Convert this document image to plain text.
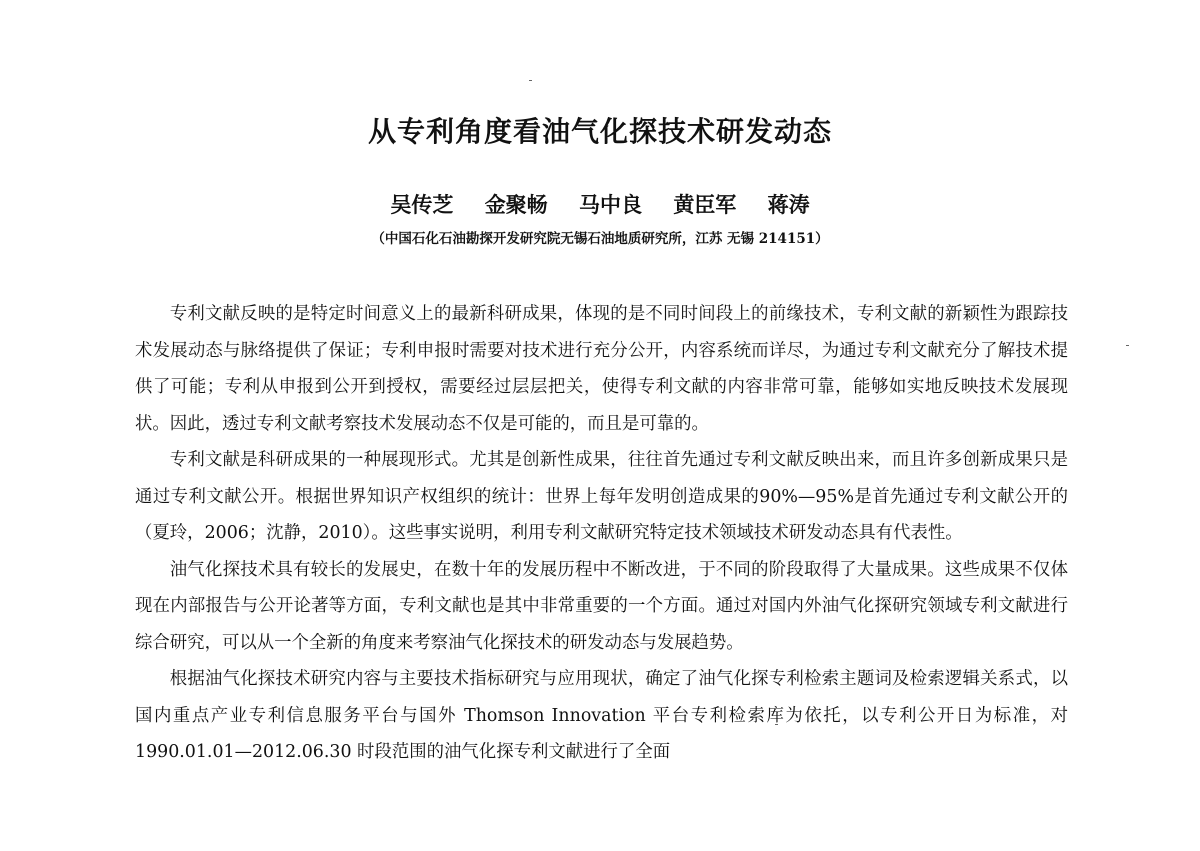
从专利角度看油气化探技术研发动态
吴传芝 金聚畅 马中良 黄臣军 蒋涛
（中国石化石油勘探开发研究院无锡石油地质研究所，江苏 无锡 214151）

专利文献反映的是特定时间意义上的最新科研成果，体现的是不同时间段上的前缘技术，专利文献的新颖性为跟踪技术发展动态与脉络提供了保证；专利申报时需要对技术进行充分公开，内容系统而详尽，为通过专利文献充分了解技术提供了可能；专利从申报到公开到授权，需要经过层层把关，使得专利文献的内容非常可靠，能够如实地反映技术发展现状。因此，透过专利文献考察技术发展动态不仅是可能的，而且是可靠的。

专利文献是科研成果的一种展现形式。尤其是创新性成果，往往首先通过专利文献反映出来，而且许多创新成果只是通过专利文献公开。根据世界知识产权组织的统计：世界上每年发明创造成果的90%—95%是首先通过专利文献公开的（夏玲，2006；沈静，2010）。这些事实说明，利用专利文献研究特定技术领域技术研发动态具有代表性。

油气化探技术具有较长的发展史，在数十年的发展历程中不断改进，于不同的阶段取得了大量成果。这些成果不仅体现在内部报告与公开论著等方面，专利文献也是其中非常重要的一个方面。通过对国内外油气化探研究领域专利文献进行综合研究，可以从一个全新的角度来考察油气化探技术的研发动态与发展趋势。

根据油气化探技术研究内容与主要技术指标研究与应用现状，确定了油气化探专利检索主题词及检索逻辑关系式，以国内重点产业专利信息服务平台与国外 Thomson Innovation 平台专利检索库为依托，以专利公开日为标准，对 1990.01.01—2012.06.30 时段范围的油气化探专利文献进行了全面
